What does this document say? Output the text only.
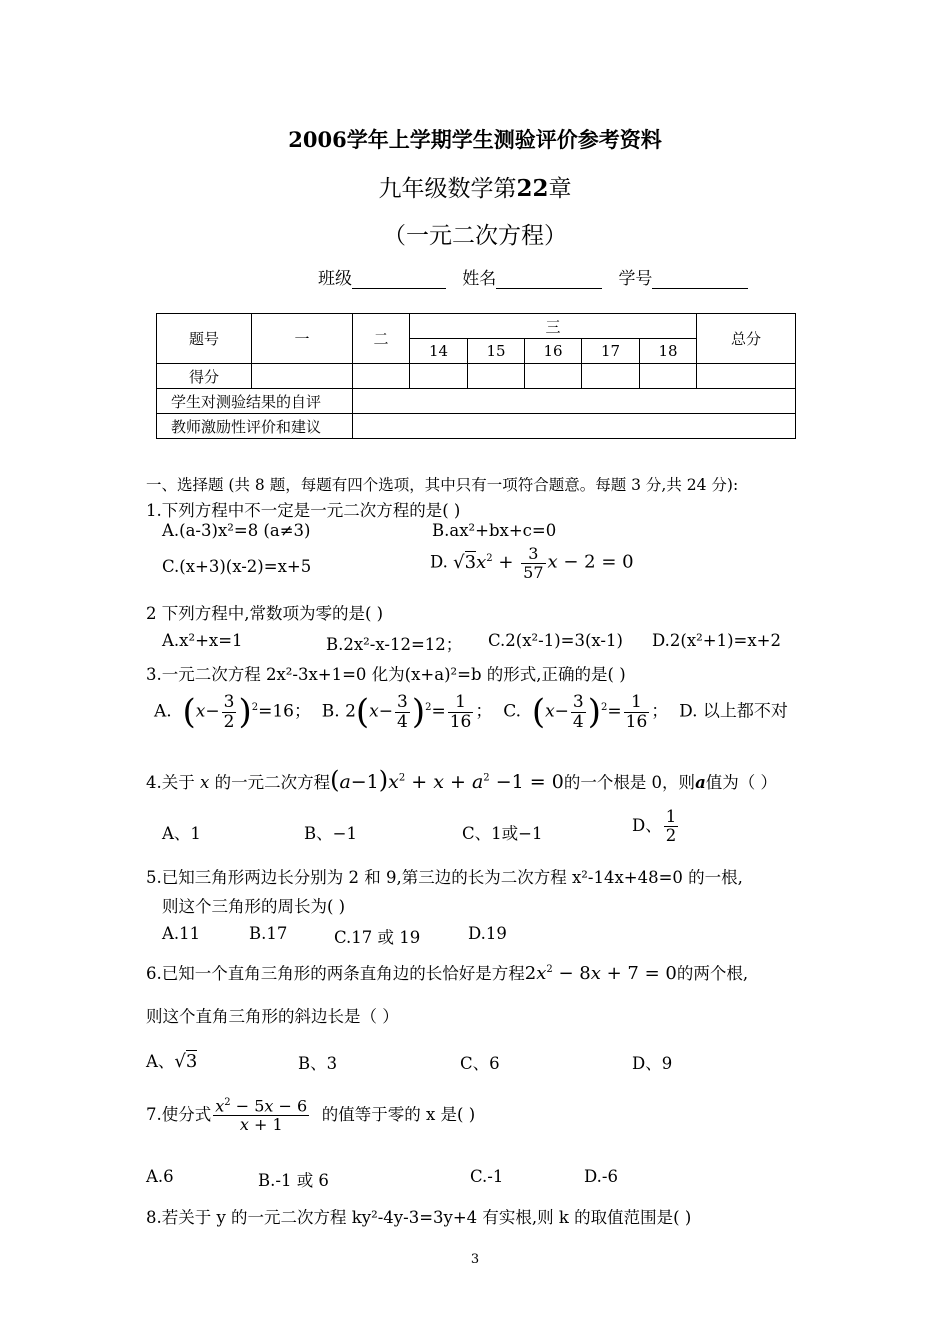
2006学年上学期学生测验评价参考资料
九年级数学第22章
（一元二次方程）
班级	姓名	学号
题号	一	二	三					总分
			14	15	16	17	18	
得分								
学生对测验结果的自评								
教师激励性评价和建议								
一、选择题 (共 8 题，每题有四个选项，其中只有一项符合题意。每题 3 分,共 24 分):
1.下列方程中不一定是一元二次方程的是( )
A.(a-3)x²=8 (a≠3)	B.ax²+bx+c=0
C.(x+3)(x-2)=x+5	D. $√3x^2 + \frac{3}{57}$ x − 2 = 0
2 下列方程中,常数项为零的是( )
A.x²+x=1	B.2x²-x-12=12； C.2(x²-1)=3(x-1) D.2(x²+1)=x+2
3.一元二次方程 2x²-3x+1=0 化为(x+a)²=b 的形式,正确的是( )
A. $(x- \frac{3}{2} )^2=16$；  B. $2(x- \frac{3}{4} )^2= \frac{1}{16}$ ；  C. $(x- \frac{3}{4} )^2= \frac{1}{16}$ ；  D. 以上都不对
4.关于 x 的一元二次方程$(a-1)x^2 + x + a^2 -1 = 0$的一个根是 0，则a值为（ ）
A、1	B、−1	C、1或−1	D、 $\frac{1}{2}$
5.已知三角形两边长分别为 2 和 9,第三边的长为二次方程 x²-14x+48=0 的一根,
则这个三角形的周长为( )
A.11	B.17	C.17 或 19	D.19
6.已知一个直角三角形的两条直角边的长恰好是方程$2x^2 - 8x + 7 = 0$的两个根,
则这个直角三角形的斜边长是（ ）
A、√3	B、3	C、6	D、9
7.使分式 $\frac{x^2 - 5x - 6}{x + 1}$ 的值等于零的 x 是( )
A.6	B.-1 或 6	C.-1	D.-6
8.若关于 y 的一元二次方程 ky²-4y-3=3y+4 有实根,则 k 的取值范围是( )
3
